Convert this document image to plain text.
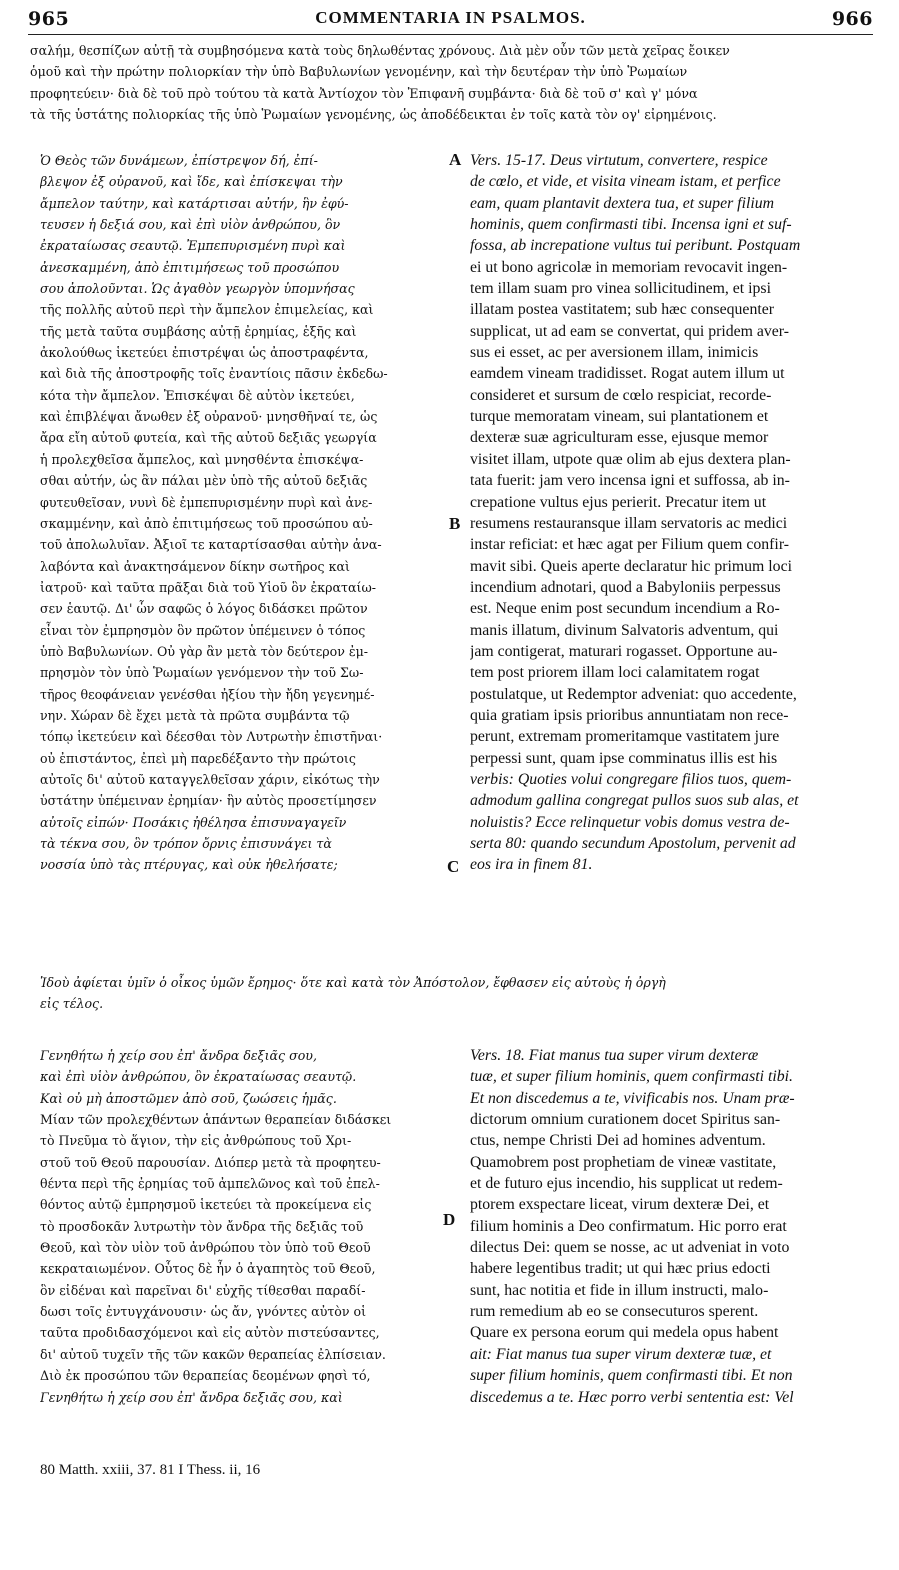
965	COMMENTARIA IN PSALMOS.	966
σαλήμ, θεσπίζων αὐτῇ τὰ συμβησόμενα κατὰ τοὺς δηλωθέντας χρόνους. Διὰ μὲν οὖν τῶν μετὰ χεῖρας ἔοικεν
ὁμοῦ καὶ τὴν πρώτην πολιορκίαν τὴν ὑπὸ Βαβυλωνίων γενομένην, καὶ τὴν δευτέραν τὴν ὑπὸ Ῥωμαίων
προφητεύειν· διὰ δὲ τοῦ πρὸ τούτου τὰ κατὰ Ἀντίοχον τὸν Ἐπιφανῆ συμβάντα· διὰ δὲ τοῦ σ' καὶ γ' μόνα
τὰ τῆς ὑστάτης πολιορκίας τῆς ὑπὸ Ῥωμαίων γενομένης, ὡς ἀποδέδεικται ἐν τοῖς κατὰ τὸν ογ' εἰρημένοις.
Ὁ Θεὸς τῶν δυνάμεων, ἐπίστρεψον δή, ἐπί-
βλεψον ἐξ οὐρανοῦ, καὶ ἴδε, καὶ ἐπίσκεψαι τὴν
ἄμπελον ταύτην, καὶ κατάρτισαι αὐτήν, ἣν ἐφύ-
τευσεν ἡ δεξιά σου, καὶ ἐπὶ υἱὸν ἀνθρώπου, ὃν
ἐκραταίωσας σεαυτῷ. Ἐμπεπυρισμένη πυρὶ καὶ
ἀνεσκαμμένη, ἀπὸ ἐπιτιμήσεως τοῦ προσώπου
σου ἀπολοῦνται. Ὡς ἀγαθὸν γεωργὸν ὑπομνήσας
τῆς πολλῆς αὐτοῦ περὶ τὴν ἄμπελον ἐπιμελείας, καὶ
τῆς μετὰ ταῦτα συμβάσης αὐτῇ ἐρημίας, ἑξῆς καὶ
ἀκολούθως ἱκετεύει ἐπιστρέψαι ὡς ἀποστραφέντα,
καὶ διὰ τῆς ἀποστροφῆς τοῖς ἐναντίοις πᾶσιν ἐκδεδω-
κότα τὴν ἄμπελον. Ἐπισκέψαι δὲ αὐτὸν ἱκετεύει,
καὶ ἐπιβλέψαι ἄνωθεν ἐξ οὐρανοῦ· μνησθῆναί τε, ὡς
ἄρα εἴη αὐτοῦ φυτεία, καὶ τῆς αὐτοῦ δεξιᾶς γεωργία
ἡ προλεχθεῖσα ἄμπελος, καὶ μνησθέντα ἐπισκέψα-
σθαι αὐτήν, ὡς ἂν πάλαι μὲν ὑπὸ τῆς αὐτοῦ δεξιᾶς
φυτευθεῖσαν, νυνὶ δὲ ἐμπεπυρισμένην πυρὶ καὶ ἀνε-
σκαμμένην, καὶ ἀπὸ ἐπιτιμήσεως τοῦ προσώπου αὐ-
τοῦ ἀπολωλυῖαν. Ἀξιοῖ τε καταρτίσασθαι αὐτὴν ἀνα-
λαβόντα καὶ ἀνακτησάμενον δίκην σωτῆρος καὶ
ἰατροῦ· καὶ ταῦτα πρᾶξαι διὰ τοῦ Υἱοῦ ὃν ἐκραταίω-
σεν ἑαυτῷ. Δι' ὧν σαφῶς ὁ λόγος διδάσκει πρῶτον
εἶναι τὸν ἐμπρησμὸν ὃν πρῶτον ὑπέμεινεν ὁ τόπος
ὑπὸ Βαβυλωνίων. Οὐ γὰρ ἂν μετὰ τὸν δεύτερον ἐμ-
πρησμὸν τὸν ὑπὸ Ῥωμαίων γενόμενον τὴν τοῦ Σω-
τῆρος θεοφάνειαν γενέσθαι ἠξίου τὴν ἤδη γεγενημέ-
νην. Χώραν δὲ ἔχει μετὰ τὰ πρῶτα συμβάντα τῷ
τόπῳ ἱκετεύειν καὶ δέεσθαι τὸν Λυτρωτὴν ἐπιστῆναι·
οὐ ἐπιστάντος, ἐπεὶ μὴ παρεδέξαντο τὴν πρώτοις
αὐτοῖς δι' αὐτοῦ καταγγελθεῖσαν χάριν, εἰκότως τὴν
ὑστάτην ὑπέμειναν ἐρημίαν· ἣν αὐτὸς προσετίμησεν
αὐτοῖς εἰπών· Ποσάκις ἠθέλησα ἐπισυναγαγεῖν
τὰ τέκνα σου, ὃν τρόπον ὄρνις ἐπισυνάγει τὰ
νοσσία ὑπὸ τὰς πτέρυγας, καὶ οὐκ ἠθελήσατε;
Vers. 15-17. Deus virtutum, convertere, respice
de cœlo, et vide, et visita vineam istam, et perfice
eam, quam plantavit dextera tua, et super filium
hominis, quem confirmasti tibi. Incensa igni et suf-
fossa, ab increpatione vultus tui peribunt. Postquam
ei ut bono agricolæ in memoriam revocavit ingen-
tem illam suam pro vinea sollicitudinem, et ipsi
illatam postea vastitatem; sub hæc consequenter
supplicat, ut ad eam se convertat, qui pridem aver-
sus ei esset, ac per aversionem illam, inimicis
eamdem vineam tradidisset. Rogat autem illum ut
consideret et sursum de cœlo respiciat, recorde-
turque memoratam vineam, sui plantationem et
dexteræ suæ agriculturam esse, ejusque memor
visitet illam, utpote quæ olim ab ejus dextera plan-
tata fuerit: jam vero incensa igni et suffossa, ab in-
crepatione vultus ejus perierit. Precatur item ut
resumens restauransque illam servatoris ac medici
instar reficiat: et hæc agat per Filium quem confir-
mavit sibi. Queis aperte declaratur hic primum loci
incendium adnotari, quod a Babyloniis perpessus
est. Neque enim post secundum incendium a Ro-
manis illatum, divinum Salvatoris adventum, qui
jam contigerat, maturari rogasset. Opportune au-
tem post priorem illam loci calamitatem rogat
postulatque, ut Redemptor adveniat: quo accedente,
quia gratiam ipsis prioribus annuntiatam non rece-
perunt, extremam promeritamque vastitatem jure
perpessi sunt, quam ipse comminatus illis est his
verbis: Quoties volui congregare filios tuos, quem-
admodum gallina congregat pullos suos sub alas, et
noluistis? Ecce relinquetur vobis domus vestra de-
serta 80: quando secundum Apostolum, pervenit ad
eos ira in finem 81.
Ἰδοὺ ἀφίεται ὑμῖν ὁ οἶκος ὑμῶν ἔρημος· ὅτε καὶ κατὰ τὸν Ἀπόστολον, ἔφθασεν εἰς αὐτοὺς ἡ ὀργὴ
εἰς τέλος.
Γενηθήτω ἡ χείρ σου ἐπ' ἄνδρα δεξιᾶς σου,
καὶ ἐπὶ υἱὸν ἀνθρώπου, ὃν ἐκραταίωσας σεαυτῷ.
Καὶ οὐ μὴ ἀποστῶμεν ἀπὸ σοῦ, ζωώσεις ἡμᾶς.
Μίαν τῶν προλεχθέντων ἁπάντων θεραπείαν διδάσκει
τὸ Πνεῦμα τὸ ἅγιον, τὴν εἰς ἀνθρώπους τοῦ Χρι-
στοῦ τοῦ Θεοῦ παρουσίαν. Διόπερ μετὰ τὰ προφητευ-
θέντα περὶ τῆς ἐρημίας τοῦ ἀμπελῶνος καὶ τοῦ ἐπελ-
θόντος αὐτῷ ἐμπρησμοῦ ἱκετεύει τὰ προκείμενα εἰς
τὸ προσδοκᾶν λυτρωτὴν τὸν ἄνδρα τῆς δεξιᾶς τοῦ
Θεοῦ, καὶ τὸν υἱὸν τοῦ ἀνθρώπου τὸν ὑπὸ τοῦ Θεοῦ
κεκραταιωμένον. Οὗτος δὲ ἦν ὁ ἀγαπητὸς τοῦ Θεοῦ,
ὃν εἰδέναι καὶ παρεῖναι δι' εὐχῆς τίθεσθαι παραδί-
δωσι τοῖς ἐντυγχάνουσιν· ὡς ἄν, γνόντες αὐτὸν οἱ
ταῦτα προδιδασχόμενοι καὶ εἰς αὐτὸν πιστεύσαντες,
δι' αὐτοῦ τυχεῖν τῆς τῶν κακῶν θεραπείας ἐλπίσειαν.
Διὸ ἐκ προσώπου τῶν θεραπείας δεομένων φησὶ τό,
Γενηθήτω ἡ χείρ σου ἐπ' ἄνδρα δεξιᾶς σου, καὶ
Vers. 18. Fiat manus tua super virum dexteræ
tuæ, et super filium hominis, quem confirmasti tibi.
Et non discedemus a te, vivificabis nos. Unam præ-
dictorum omnium curationem docet Spiritus san-
ctus, nempe Christi Dei ad homines adventum.
Quamobrem post prophetiam de vineæ vastitate,
et de futuro ejus incendio, his supplicat ut redem-
ptorem exspectare liceat, virum dexteræ Dei, et
filium hominis a Deo confirmatum. Hic porro erat
dilectus Dei: quem se nosse, ac ut adveniat in voto
habere legentibus tradit; ut qui hæc prius edocti
sunt, hac notitia et fide in illum instructi, malo-
rum remedium ab eo se consecuturos sperent.
Quare ex persona eorum qui medela opus habent
ait: Fiat manus tua super virum dexteræ tuæ, et
super filium hominis, quem confirmasti tibi. Et non
discedemus a te. Hæc porro verbi sententia est: Vel
A
B
C
D
80 Matth. xxiii, 37. 81 I Thess. ii, 16
